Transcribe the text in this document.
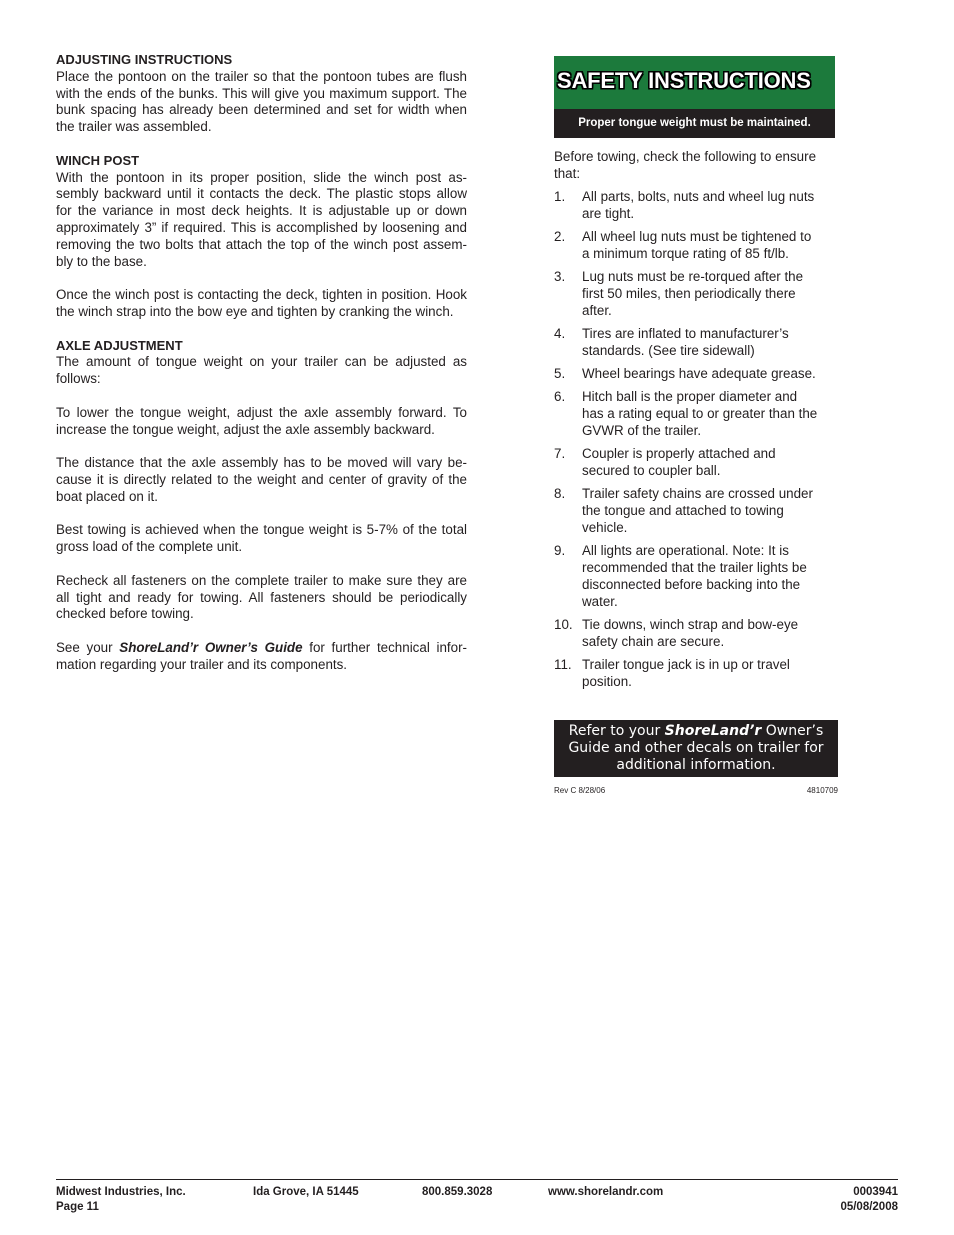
ADJUSTING INSTRUCTIONS

Place the pontoon on the trailer so that the pontoon tubes are flush with the ends of the bunks. This will give you maximum support. The bunk spacing has already been determined and set for width when the trailer was assembled.

WINCH POST

With the pontoon in its proper position, slide the winch post as-sembly backward until it contacts the deck. The plastic stops allow for the variance in most deck heights. It is adjustable up or down approximately 3” if required. This is accomplished by loosening and removing the two bolts that attach the top of the winch post assem-bly to the base.

Once the winch post is contacting the deck, tighten in position. Hook the winch strap into the bow eye and tighten by cranking the winch.

AXLE ADJUSTMENT

The amount of tongue weight on your trailer can be adjusted as follows:

To lower the tongue weight, adjust the axle assembly forward. To increase the tongue weight, adjust the axle assembly backward.

The distance that the axle assembly has to be moved will vary be-cause it is directly related to the weight and center of gravity of the boat placed on it.

Best towing is achieved when the tongue weight is 5-7% of the total gross load of the complete unit.

Recheck all fasteners on the complete trailer to make sure they are all tight and ready for towing. All fasteners should be periodically checked before towing.

See your ShoreLand’r Owner’s Guide for further technical infor-mation regarding your trailer and its components.

SAFETY INSTRUCTIONS
Proper tongue weight must be maintained.

Before towing, check the following to ensure that:

1.	All parts, bolts, nuts and wheel lug nuts are tight.
2.	All wheel lug nuts must be tightened to a minimum torque rating of 85 ft/lb.
3.	Lug nuts must be re-torqued after the first 50 miles, then periodically there after.
4.	Tires are inflated to manufacturer’s standards. (See tire sidewall)
5.	Wheel bearings have adequate grease.
6.	Hitch ball is the proper diameter and has a rating equal to or greater than the GVWR of the trailer.
7.	Coupler is properly attached and secured to coupler ball.
8.	Trailer safety chains are crossed under the tongue and attached to towing vehicle.
9.	All lights are operational. Note: It is recommended that the trailer lights be disconnected before backing into the water.
10. Tie downs, winch strap and bow-eye safety chain are secure.
11. Trailer tongue jack is in up or travel position.
Refer to your ShoreLand’r Owner’s Guide and other decals on trailer for additional information.
Rev C 8/28/06	4810709
Midwest Industries, Inc.
Page 11
Ida Grove, IA 51445	800.859.3028	www.shorelandr.com	0003941
05/08/2008
